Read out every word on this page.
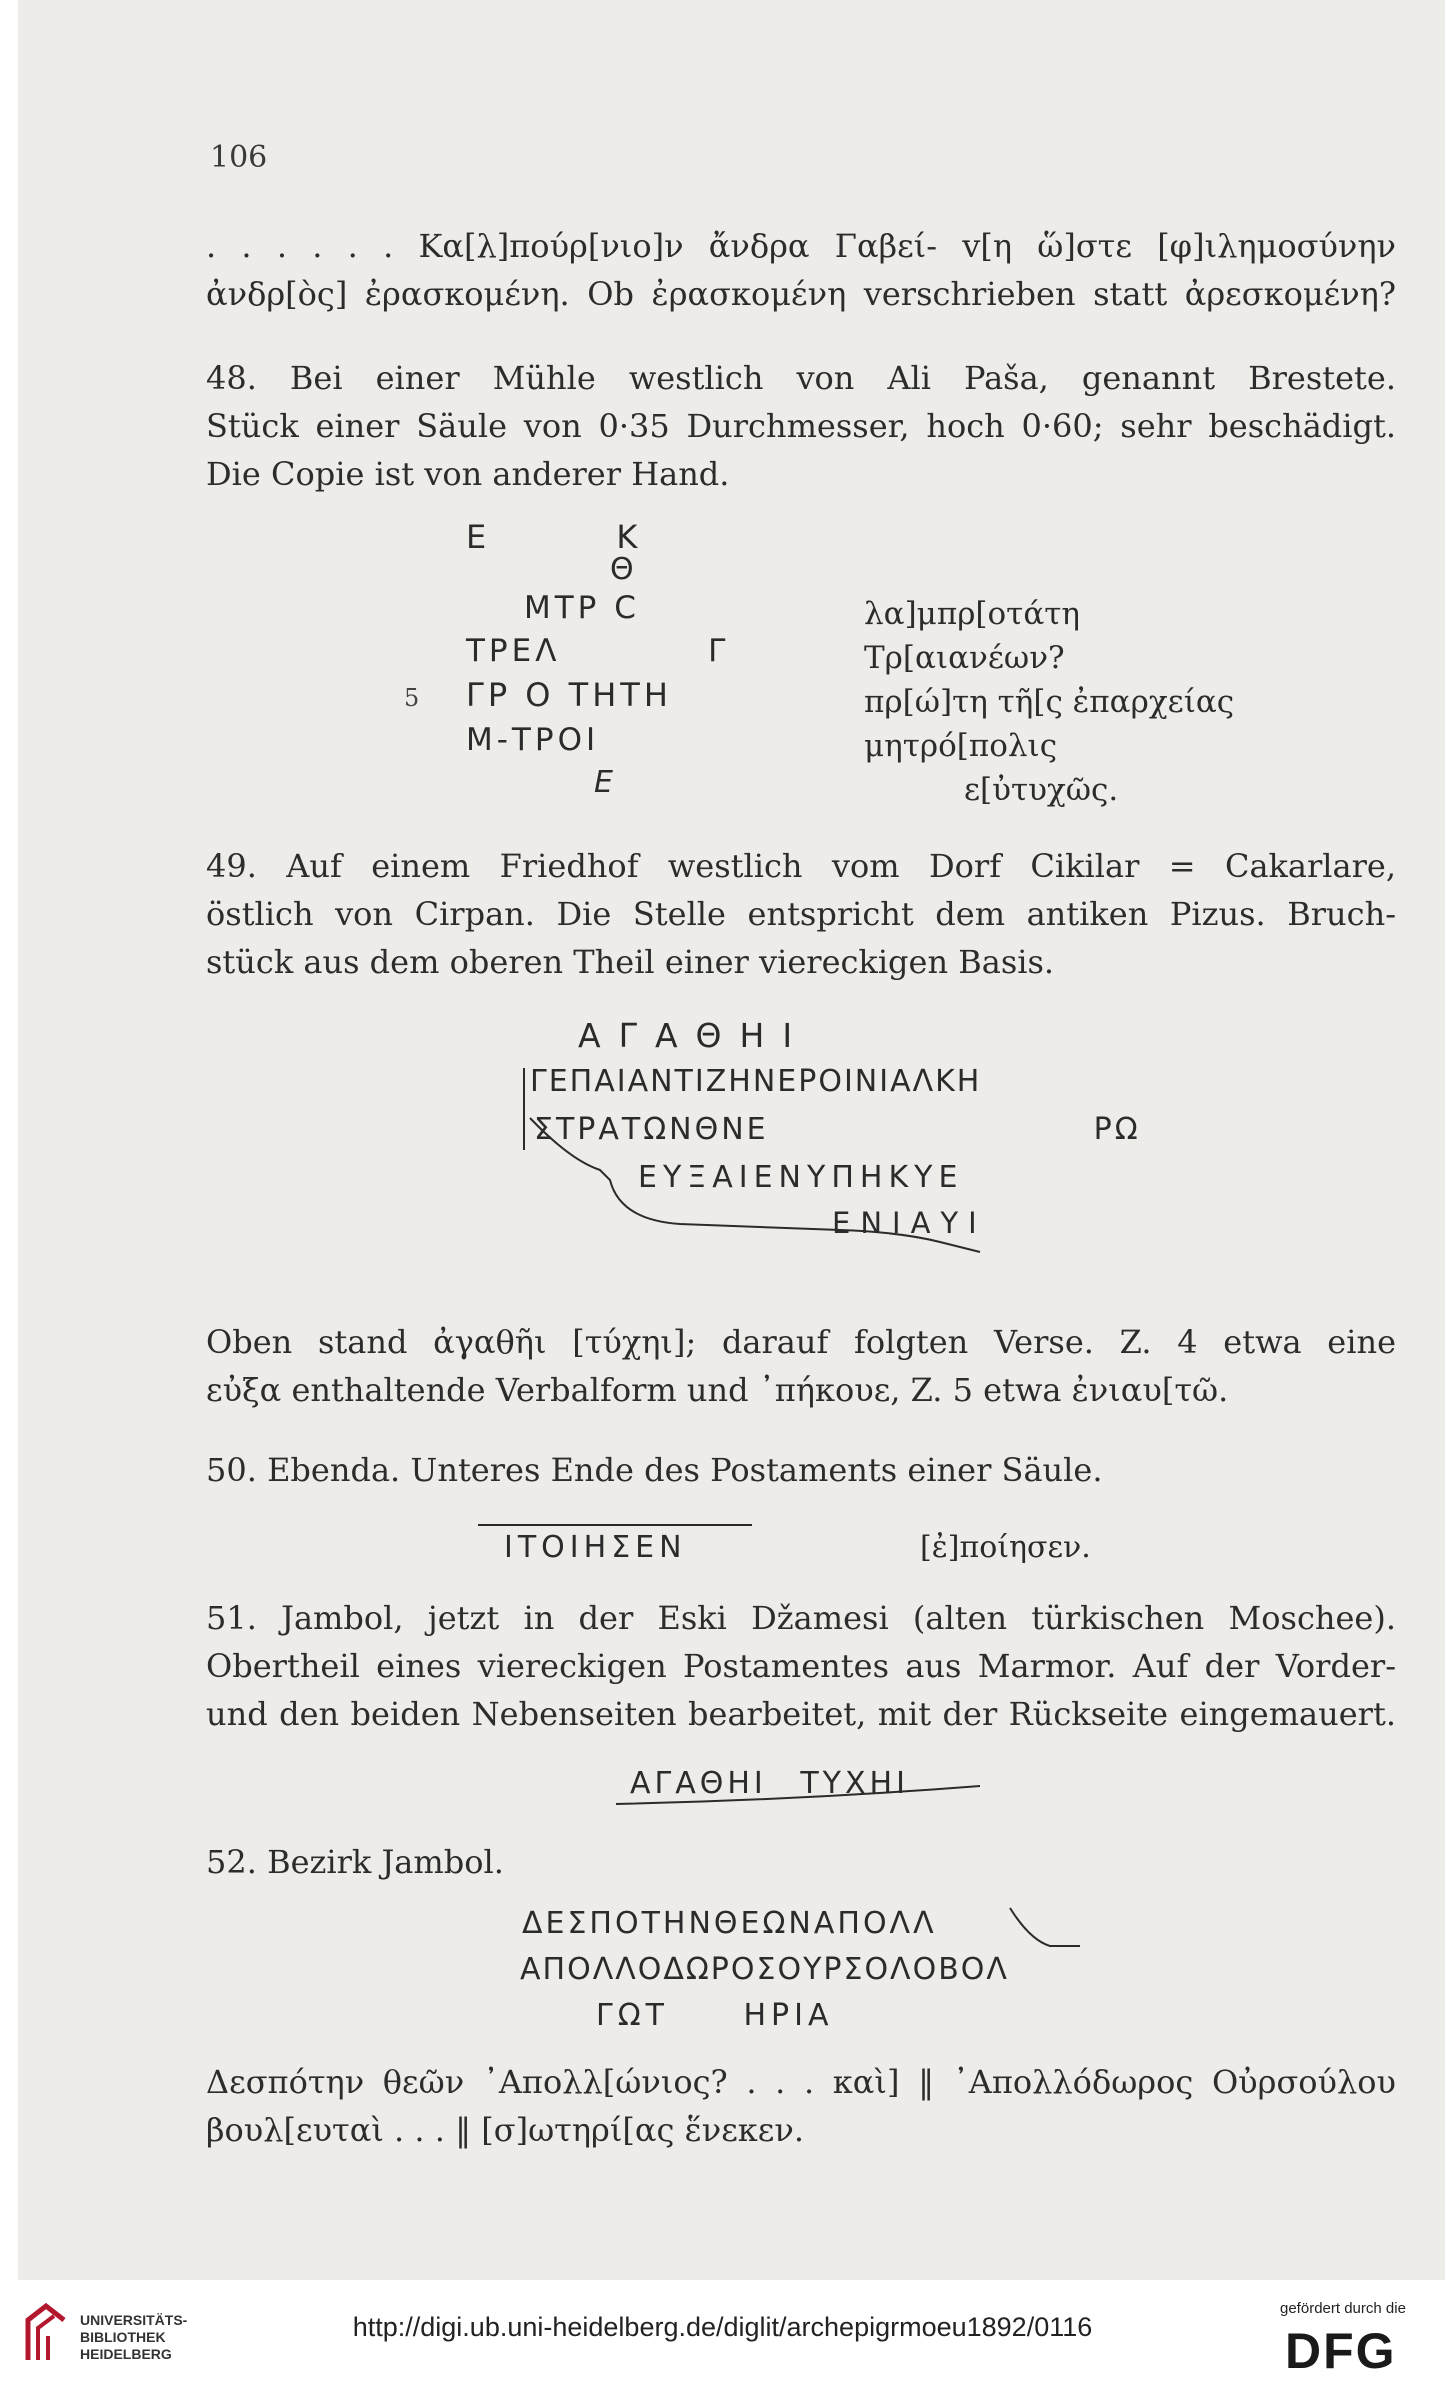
106

. . . . . . Κα[λ]πούρ[νιο]ν ἄνδρα Γαβεί- v[η ὥ]στε [φ]ιλημοσύνην

ἀνδρ[ὸς] ἐρασκομένη. Ob ἐρασκομένη verschrieben statt ἀρεσκομένη?

48. Bei einer Mühle westlich von Ali Paša, genannt Brestete.

Stück einer Säule von 0·35 Durchmesser, hoch 0·60; sehr beschädigt.

Die Copie ist von anderer Hand.

E K
Θ
ΜΤΡ C
ΤΡΕΛ  Γ
5 ΓΡ Ο ΤΗΤΗ
Μ-ΤΡΟΙ
Ε
λα]μπρ[οτάτη
Τρ[αιανέων?
πρ[ώ]τη τῆ[ς ἐπαρχείας
μητρό[πολις
ε[ὐτυχῶς.

49. Auf einem Friedhof westlich vom Dorf Cikilar = Cakarlare,

östlich von Cirpan. Die Stelle entspricht dem antiken Pizus. Bruch-

stück aus dem oberen Theil einer viereckigen Basis.

ΑΓΑΘΗΙ
ΓΕΠΑΙΑΝΤΙΖΗΝΕΡΟΙΝΙΑΛΚΗ
ΣΤΡΑΤΩΝΘΝΕ  ΡΩ
ΕΥΞΑΙΕΝΥΠΗΚΥΕ
ΕΝΙΑΥΙ

Oben stand ἀγαθῆι [τύχηι]; darauf folgten Verse. Z. 4 etwa eine

εὐξα enthaltende Verbalform und ᾿πήκουε, Z. 5 etwa ἐνιαυ[τῶ.

50. Ebenda. Unteres Ende des Postaments einer Säule.

ΙΤΟΙΗΣΕΝ	[ἐ]ποίησεν.

51. Jambol, jetzt in der Eski Džamesi (alten türkischen Moschee).

Obertheil eines viereckigen Postamentes aus Marmor. Auf der Vorder-

und den beiden Nebenseiten bearbeitet, mit der Rückseite eingemauert.

ΑΓΑΘΗΙ ΤΥΧΗΙ

52. Bezirk Jambol.

ΔΕΣΠΟΤΗΝΘΕΩΝΑΠΟΛΛ
ΑΠΟΛΛΟΔΩΡΟΣΟΥΡΣΟΛΟΒΟΛ
ΓΩΤ ΗΡΙΑ

Δεσπότην θεῶν ᾿Απολλ[ώνιος? . . . καὶ] ‖ ᾿Απολλόδωρος Οὐρσούλου

βουλ[ευταὶ . . . ‖ [σ]ωτηρί[ας ἕνεκεν.

UNIVERSITÄTS-
BIBLIOTHEK
HEIDELBERG
http://digi.ub.uni-heidelberg.de/diglit/archepigrmoeu1892/0116
gefördert durch die
DFG
